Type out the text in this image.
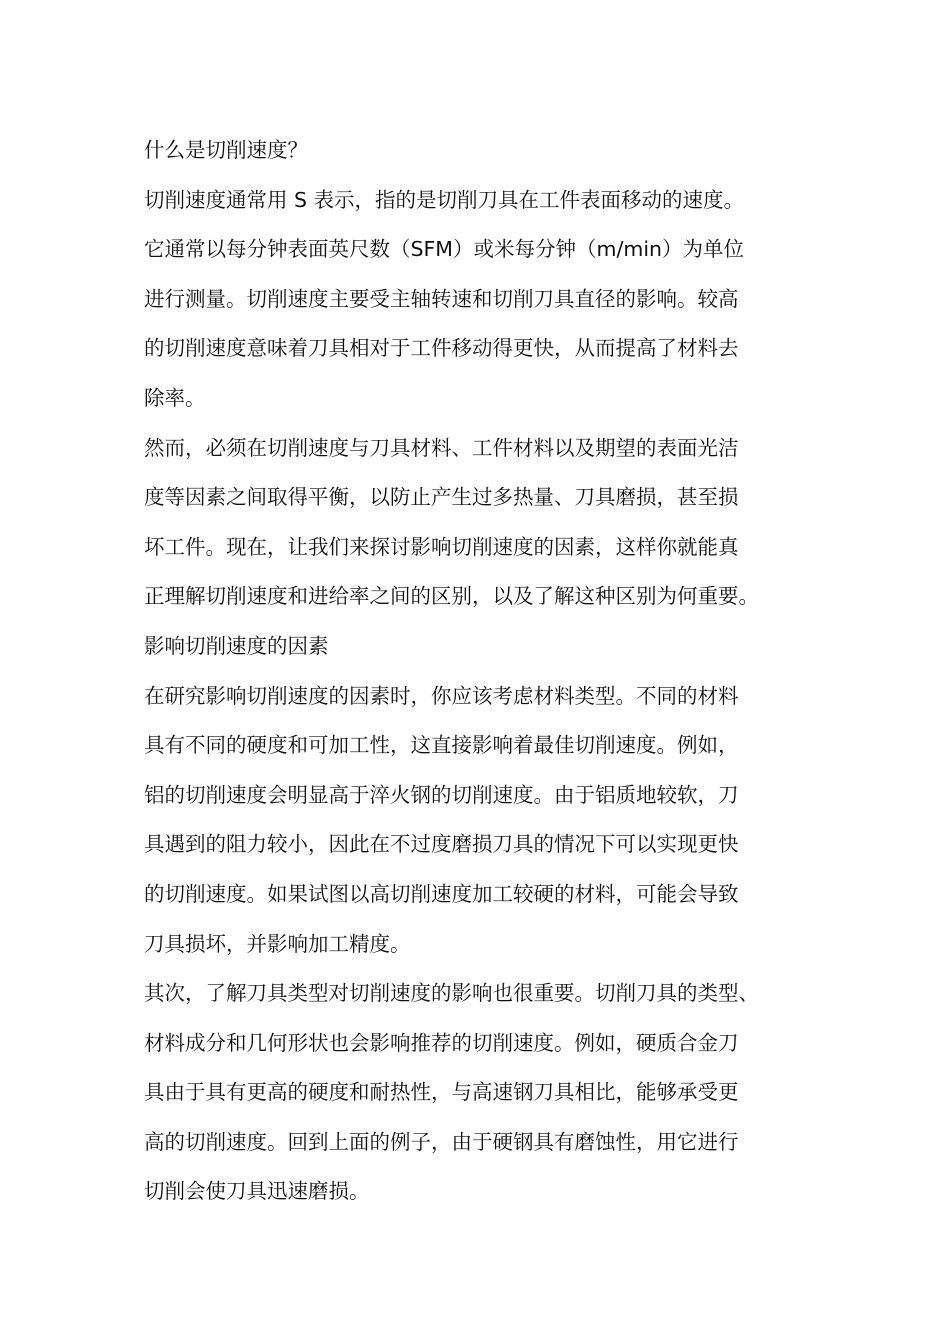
什么是切削速度？
切削速度通常用 S 表示，指的是切削刀具在工件表面移动的速度。
它通常以每分钟表面英尺数（SFM）或米每分钟（m/min）为单位
进行测量。切削速度主要受主轴转速和切削刀具直径的影响。较高
的切削速度意味着刀具相对于工件移动得更快，从而提高了材料去
除率。
然而，必须在切削速度与刀具材料、工件材料以及期望的表面光洁
度等因素之间取得平衡，以防止产生过多热量、刀具磨损，甚至损
坏工件。现在，让我们来探讨影响切削速度的因素，这样你就能真
正理解切削速度和进给率之间的区别，以及了解这种区别为何重要。
影响切削速度的因素
在研究影响切削速度的因素时，你应该考虑材料类型。不同的材料
具有不同的硬度和可加工性，这直接影响着最佳切削速度。例如，
铝的切削速度会明显高于淬火钢的切削速度。由于铝质地较软，刀
具遇到的阻力较小，因此在不过度磨损刀具的情况下可以实现更快
的切削速度。如果试图以高切削速度加工较硬的材料，可能会导致
刀具损坏，并影响加工精度。
其次，了解刀具类型对切削速度的影响也很重要。切削刀具的类型、
材料成分和几何形状也会影响推荐的切削速度。例如，硬质合金刀
具由于具有更高的硬度和耐热性，与高速钢刀具相比，能够承受更
高的切削速度。回到上面的例子，由于硬钢具有磨蚀性，用它进行
切削会使刀具迅速磨损。
